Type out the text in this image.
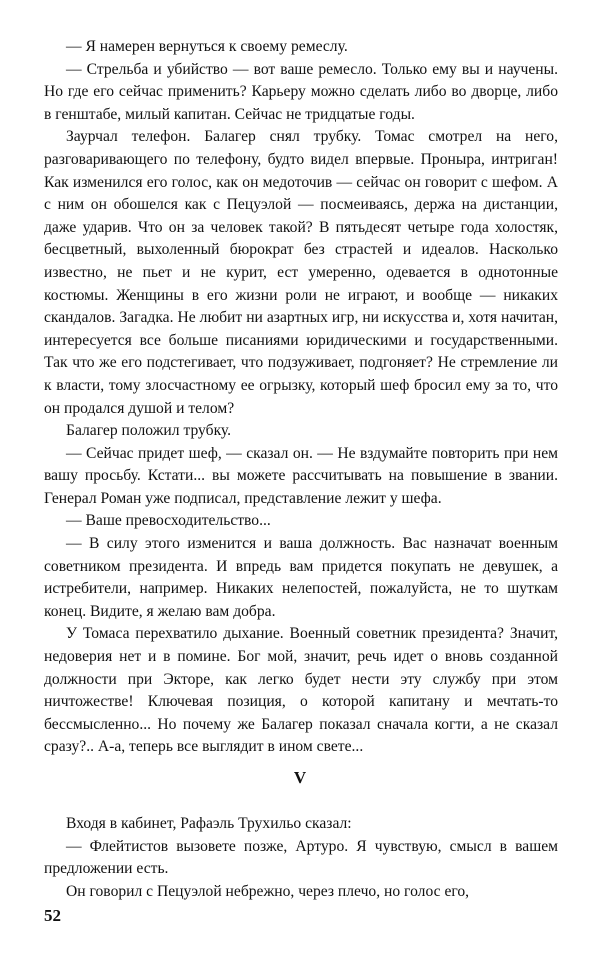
— Я намерен вернуться к своему ремеслу.

— Стрельба и убийство — вот ваше ремесло. Только ему вы и научены. Но где его сейчас применить? Карьеру можно сделать либо во дворце, либо в генштабе, милый капитан. Сейчас не тридцатые годы.

Заурчал телефон. Балагер снял трубку. Томас смотрел на него, разговаривающего по телефону, будто видел впервые. Проныра, интриган! Как изменился его голос, как он медоточив — сейчас он говорит с шефом. А с ним он обошелся как с Пецуэлой — посмеиваясь, держа на дистанции, даже ударив. Что он за человек такой? В пятьдесят четыре года холостяк, бесцветный, выхоленный бюрократ без страстей и идеалов. Насколько известно, не пьет и не курит, ест умеренно, одевается в однотонные костюмы. Женщины в его жизни роли не играют, и вообще — никаких скандалов. Загадка. Не любит ни азартных игр, ни искусства и, хотя начитан, интересуется все больше писаниями юридическими и государственными. Так что же его подстегивает, что подзуживает, подгоняет? Не стремление ли к власти, тому злосчастному ее огрызку, который шеф бросил ему за то, что он продался душой и телом?

Балагер положил трубку.

— Сейчас придет шеф, — сказал он. — Не вздумайте повторить при нем вашу просьбу. Кстати... вы можете рассчитывать на повышение в звании. Генерал Роман уже подписал, представление лежит у шефа.

— Ваше превосходительство...

— В силу этого изменится и ваша должность. Вас назначат военным советником президента. И впредь вам придется покупать не девушек, а истребители, например. Никаких нелепостей, пожалуйста, не то шуткам конец. Видите, я желаю вам добра.

У Томаса перехватило дыхание. Военный советник президента? Значит, недоверия нет и в помине. Бог мой, значит, речь идет о вновь созданной должности при Экторе, как легко будет нести эту службу при этом ничтожестве! Ключевая позиция, о которой капитану и мечтать-то бессмысленно... Но почему же Балагер показал сначала когти, а не сказал сразу?.. А-а, теперь все выглядит в ином свете...

V

Входя в кабинет, Рафаэль Трухильо сказал:

— Флейтистов вызовете позже, Артуро. Я чувствую, смысл в вашем предложении есть.

Он говорил с Пецуэлой небрежно, через плечо, но голос его,

52
